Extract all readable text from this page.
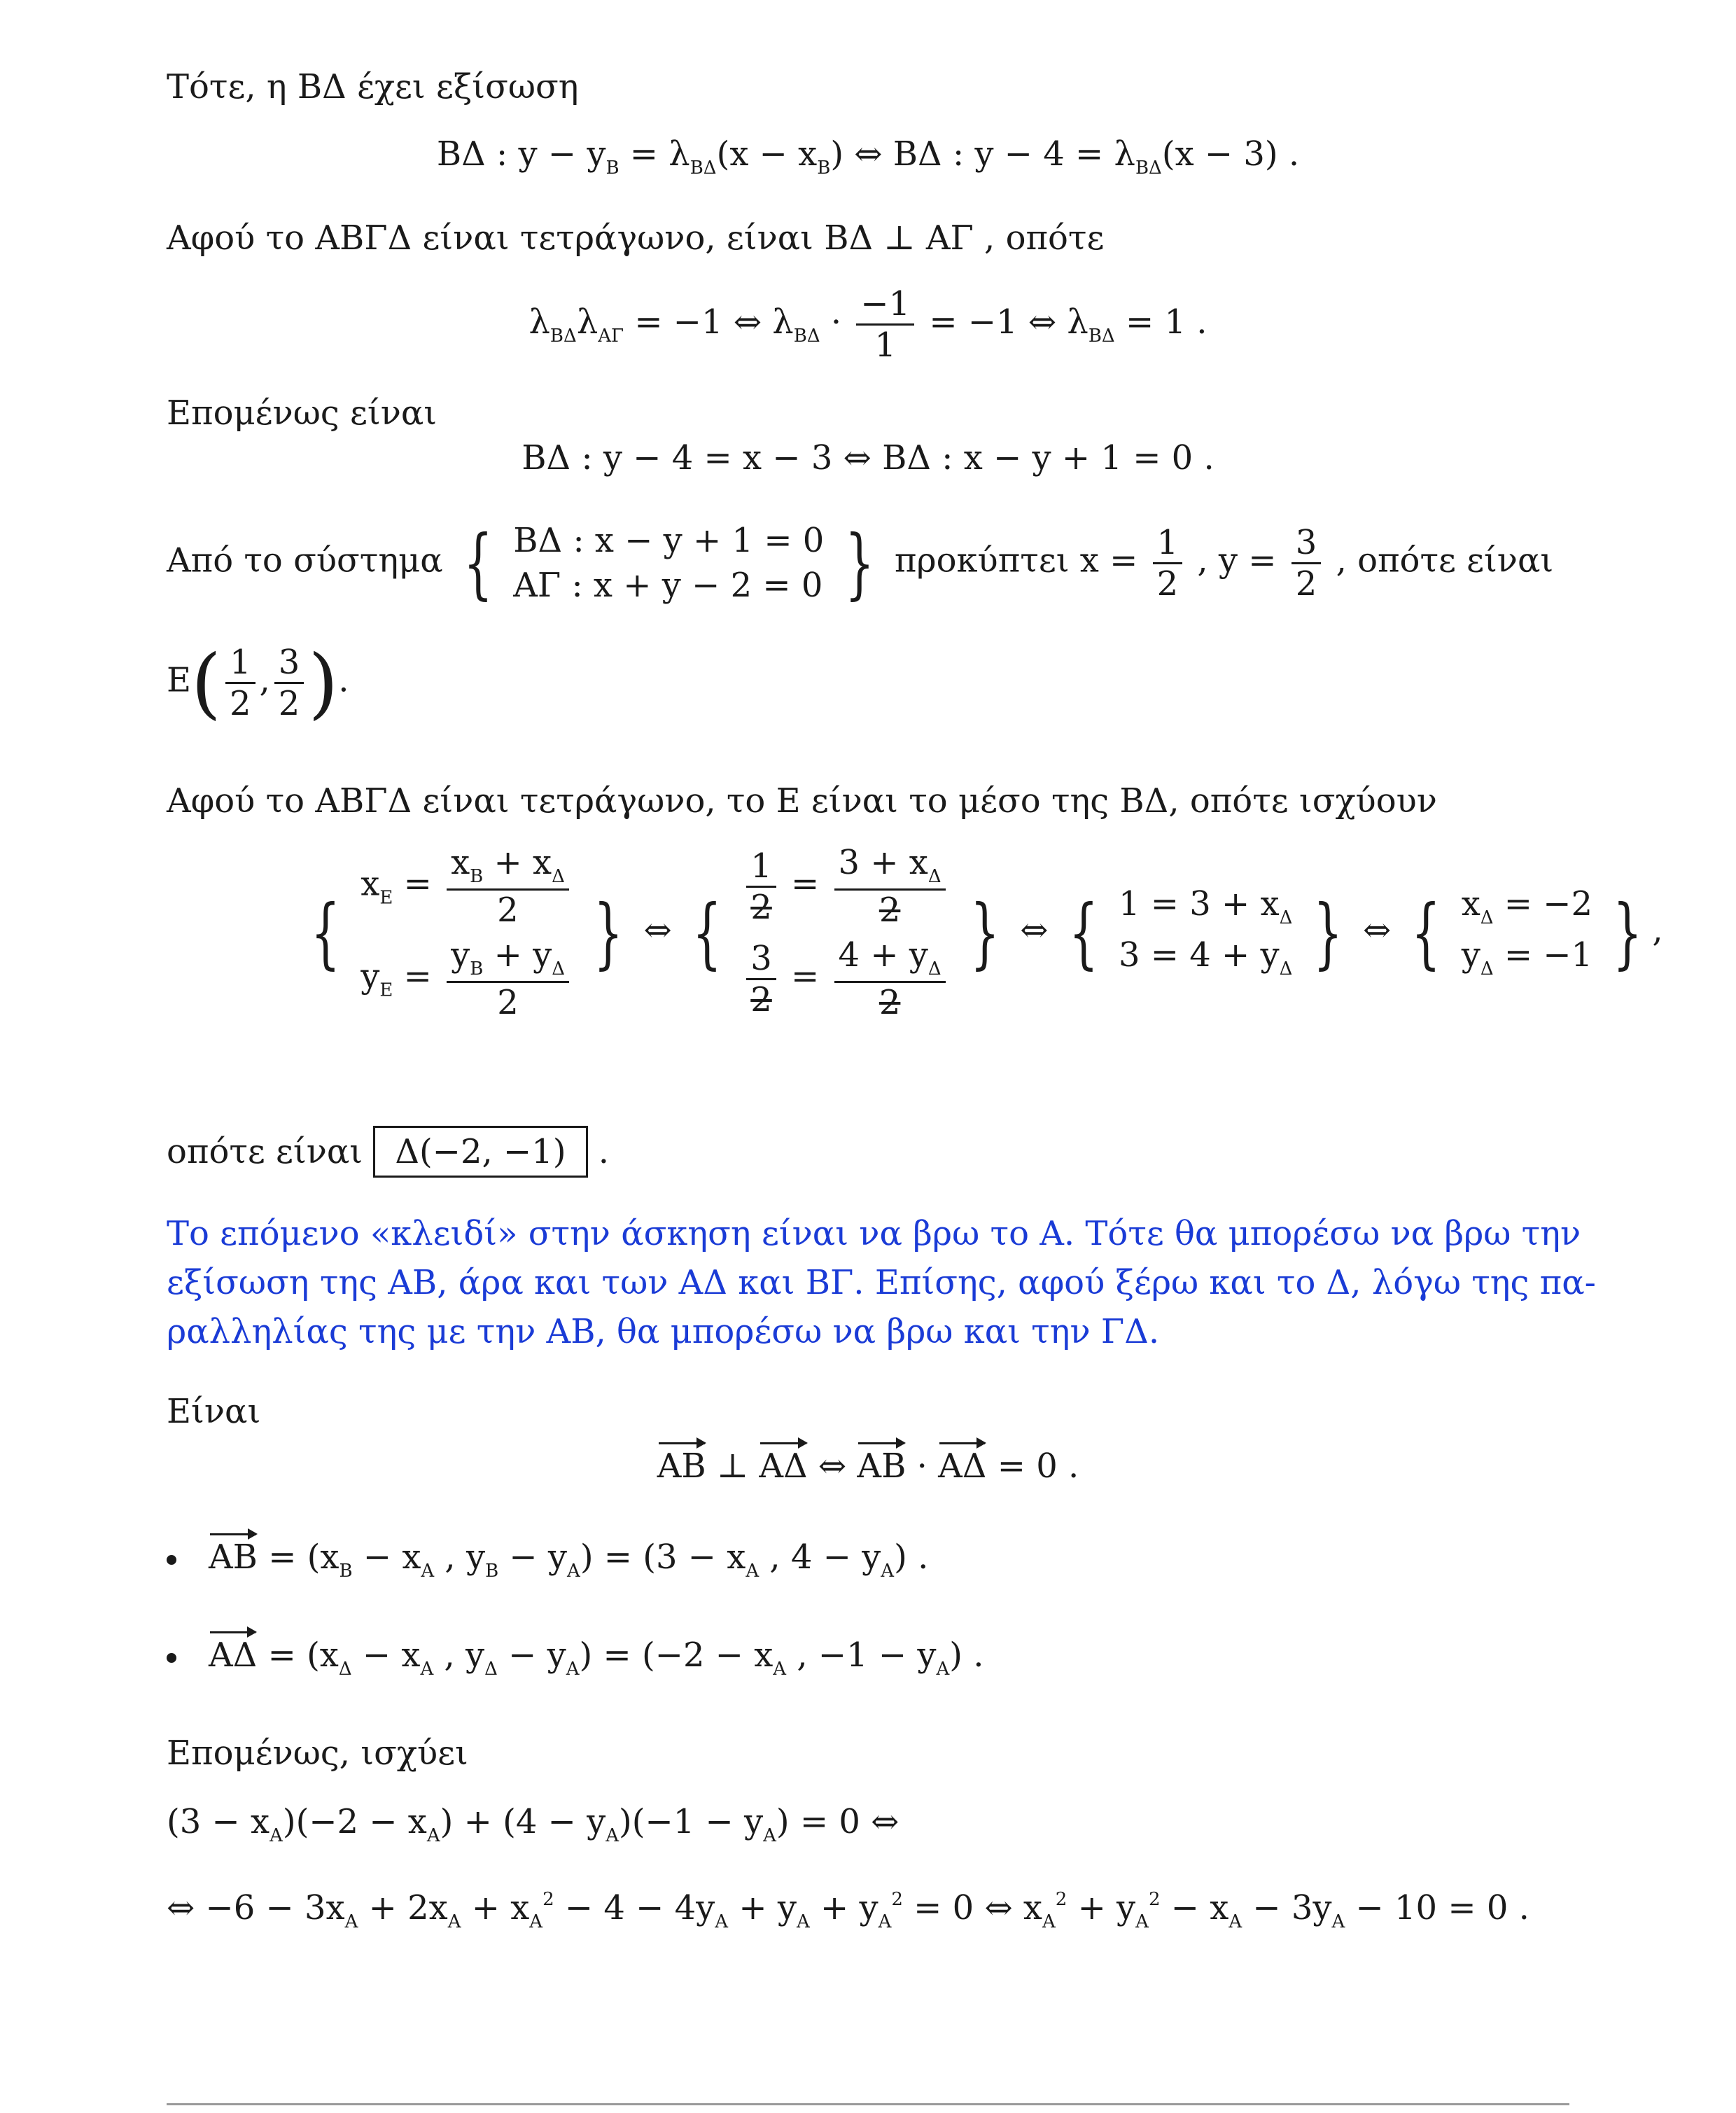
Τότε, η ΒΔ έχει εξίσωση
ΒΔ : $y - y_B = \lambda_{B\Delta}(x - x_B)$ ⇔ ΒΔ : $y - 4 = \lambda_{B\Delta}(x - 3)$ .
Αφού το ΑΒΓΔ είναι τετράγωνο, είναι ΒΔ ⊥ ΑΓ , οπότε
$\lambda_{B\Delta}\lambda_{A\Gamma} = -1$ ⇔ $\lambda_{B\Delta} \cdot \frac{-1}{1} = -1$ ⇔ $\lambda_{B\Delta} = 1$ .
Επομένως είναι
ΒΔ : y − 4 = x − 3 ⇔ ΒΔ : x − y + 1 = 0 .
Από το σύστημα { ΒΔ : x − y + 1 = 0
ΑΓ : x + y − 2 = 0 } προκύπτει $x = \frac{1}{2}$ , $y = \frac{3}{2}$ , οπότε είναι
$E( \frac{1}{2}$ , $\frac{3}{2}$ ).
Αφού το ΑΒΓΔ είναι τετράγωνο, το Ε είναι το μέσο της ΒΔ, οπότε ισχύουν
{
$x_E = \frac{x_B + x_\Delta}{2}$
$y_E = \frac{y_B + y_\Delta}{2}$
} ⇔ {
$\frac{1}{2} = \frac{3 + x_\Delta}{2}$
$\frac{3}{2} = \frac{4 + y_\Delta}{2}$
} ⇔ { $1 = 3 + x_\Delta$
$3 = 4 + y_\Delta$ } ⇔ { $x_\Delta = -2$
$y_\Delta = -1$ } ,
οπότε είναι Δ(−2, −1) .
Το επόμενο «κλειδί» στην άσκηση είναι να βρω το Α. Τότε θα μπορέσω να βρω την
εξίσωση της ΑΒ, άρα και των ΑΔ και ΒΓ. Επίσης, αφού ξέρω και το Δ, λόγω της πα-
ραλληλίας της με την ΑΒ, θα μπορέσω να βρω και την ΓΔ.
Είναι
AB ⊥ AΔ ⇔ AB · AΔ = 0 .
AB = ($x_B - x_A$ , $y_B - y_A) = (3 - x_A$ , $4 - y_A$) .
$A\Delta = (x_\Delta - x_A$ , $y_\Delta - y_A) = (-2 - x_A$ , $-1 - y_A$) .
Επομένως, ισχύει
$(3 - x_A)(-2 - x_A) + (4 - y_A)(-1 - y_A) = 0$ ⇔
⇔ $-6 - 3x_A + 2x_A + x_A^2 - 4 - 4y_A + y_A + y_A^2 = 0$ ⇔ $x_A^2 + y_A^2 - x_A - 3y_A - 10 = 0$ .
